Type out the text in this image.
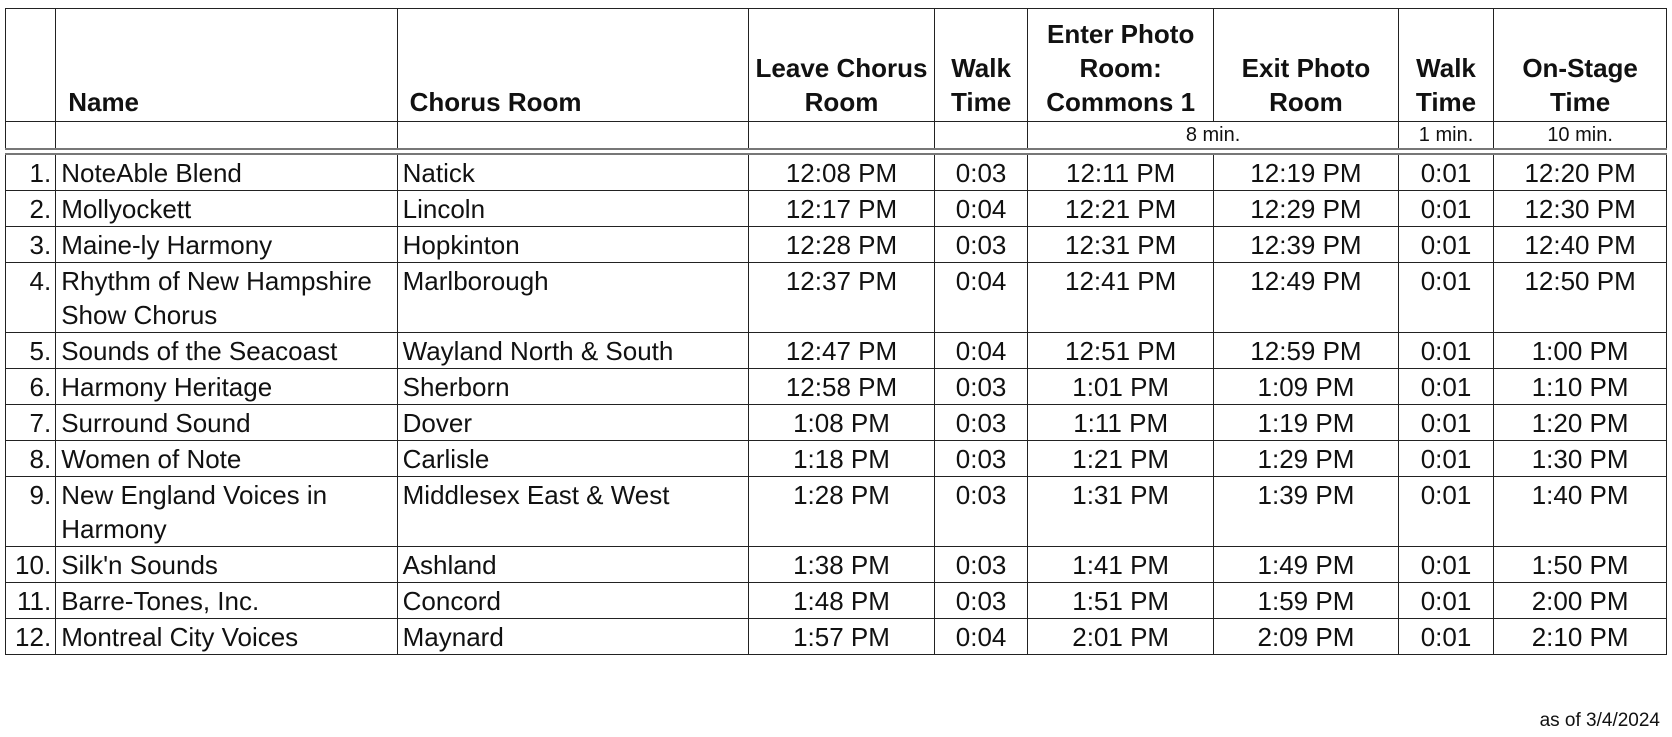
	Name	Chorus Room	Leave Chorus Room	Walk Time	Enter Photo Room: Commons 1	Exit Photo Room	Walk Time	On-Stage Time
					8 min.		1 min.	10 min.
1.	NoteAble Blend	Natick	12:08 PM	0:03	12:11 PM	12:19 PM	0:01	12:20 PM
2.	Mollyockett	Lincoln	12:17 PM	0:04	12:21 PM	12:29 PM	0:01	12:30 PM
3.	Maine-ly Harmony	Hopkinton	12:28 PM	0:03	12:31 PM	12:39 PM	0:01	12:40 PM
4.	Rhythm of New Hampshire Show Chorus	Marlborough	12:37 PM	0:04	12:41 PM	12:49 PM	0:01	12:50 PM
5.	Sounds of the Seacoast	Wayland North & South	12:47 PM	0:04	12:51 PM	12:59 PM	0:01	1:00 PM
6.	Harmony Heritage	Sherborn	12:58 PM	0:03	1:01 PM	1:09 PM	0:01	1:10 PM
7.	Surround Sound	Dover	1:08 PM	0:03	1:11 PM	1:19 PM	0:01	1:20 PM
8.	Women of Note	Carlisle	1:18 PM	0:03	1:21 PM	1:29 PM	0:01	1:30 PM
9.	New England Voices in Harmony	Middlesex East & West	1:28 PM	0:03	1:31 PM	1:39 PM	0:01	1:40 PM
10.	Silk'n Sounds	Ashland	1:38 PM	0:03	1:41 PM	1:49 PM	0:01	1:50 PM
11.	Barre-Tones, Inc.	Concord	1:48 PM	0:03	1:51 PM	1:59 PM	0:01	2:00 PM
12.	Montreal City Voices	Maynard	1:57 PM	0:04	2:01 PM	2:09 PM	0:01	2:10 PM
as of 3/4/2024
